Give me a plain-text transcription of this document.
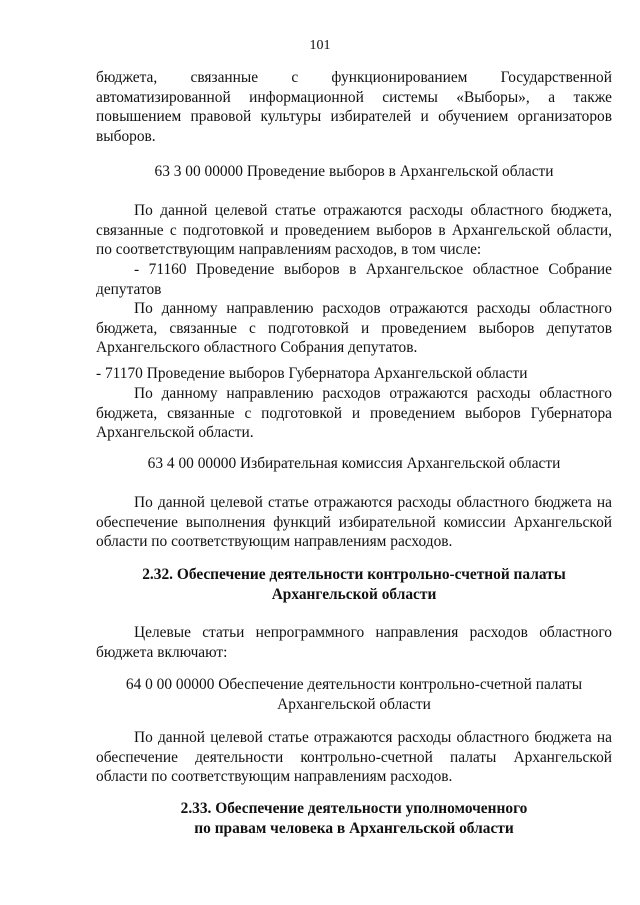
101
бюджета, связанные с функционированием Государственной
автоматизированной информационной системы «Выборы», а также
повышением правовой культуры избирателей и обучением организаторов
выборов.
63 3 00 00000 Проведение выборов в Архангельской области
По данной целевой статье отражаются расходы областного бюджета,
связанные с подготовкой и проведением выборов в Архангельской области,
по соответствующим направлениям расходов, в том числе:
- 71160 Проведение выборов в Архангельское областное Собрание
депутатов
По данному направлению расходов отражаются расходы областного
бюджета, связанные с подготовкой и проведением выборов депутатов
Архангельского областного Собрания депутатов.
- 71170 Проведение выборов Губернатора Архангельской области
По данному направлению расходов отражаются расходы областного
бюджета, связанные с подготовкой и проведением выборов Губернатора
Архангельской области.
63 4 00 00000 Избирательная комиссия Архангельской области
По данной целевой статье отражаются расходы областного бюджета на
обеспечение выполнения функций избирательной комиссии Архангельской
области по соответствующим направлениям расходов.
2.32. Обеспечение деятельности контрольно-счетной палаты
Архангельской области
Целевые статьи непрограммного направления расходов областного
бюджета включают:
64 0 00 00000 Обеспечение деятельности контрольно-счетной палаты
Архангельской области
По данной целевой статье отражаются расходы областного бюджета на
обеспечение деятельности контрольно-счетной палаты Архангельской
области по соответствующим направлениям расходов.
2.33. Обеспечение деятельности уполномоченного
по правам человека в Архангельской области
